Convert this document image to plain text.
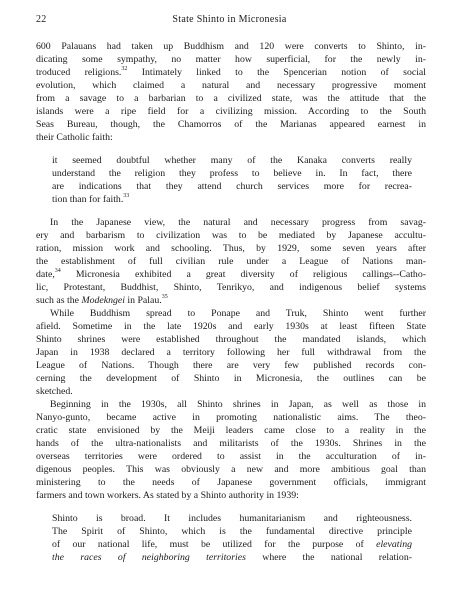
22	State Shinto in Micronesia
600 Palauans had taken up Buddhism and 120 were converts to Shinto, in-
dicating some sympathy, no matter how superficial, for the newly in-
troduced religions.$^{32}$ Intimately linked to the Spencerian notion of social
evolution, which claimed a natural and necessary progressive moment
from a savage to a barbarian to a civilized state, was the attitude that the
islands were a ripe field for a civilizing mission. According to the South
Seas Bureau, though, the Chamorros of the Marianas appeared earnest in
their Catholic faith:
it seemed doubtful whether many of the Kanaka converts really
understand the religion they profess to believe in. In fact, there
are indications that they attend church services more for recrea-
tion than for faith.$^{33}$
In the Japanese view, the natural and necessary progress from savag-
ery and barbarism to civilization was to be mediated by Japanese accultu-
ration, mission work and schooling. Thus, by 1929, some seven years after
the establishment of full civilian rule under a League of Nations man-
date,$^{34}$ Micronesia exhibited a great diversity of religious callings--Catho-
lic, Protestant, Buddhist, Shinto, Tenrikyo, and indigenous belief systems
such as the Modekngei in Palau.$^{35}$
While Buddhism spread to Ponape and Truk, Shinto went further
afield. Sometime in the late 1920s and early 1930s at least fifteen State
Shinto shrines were established throughout the mandated islands, which
Japan in 1938 declared a territory following her full withdrawal from the
League of Nations. Though there are very few published records con-
cerning the development of Shinto in Micronesia, the outlines can be
sketched.
Beginning in the 1930s, all Shinto shrines in Japan, as well as those in
Nanyo-gunto, became active in promoting nationalistic aims. The theo-
cratic state envisioned by the Meiji leaders came close to a reality in the
hands of the ultra-nationalists and militarists of the 1930s. Shrines in the
overseas territories were ordered to assist in the acculturation of in-
digenous peoples. This was obviously a new and more ambitious goal than
ministering to the needs of Japanese government officials, immigrant
farmers and town workers. As stated by a Shinto authority in 1939:
Shinto is broad. It includes humanitarianism and righteousness.
The Spirit of Shinto, which is the fundamental directive principle
of our national life, must be utilized for the purpose of elevating
the races of neighboring territories where the national relation-
